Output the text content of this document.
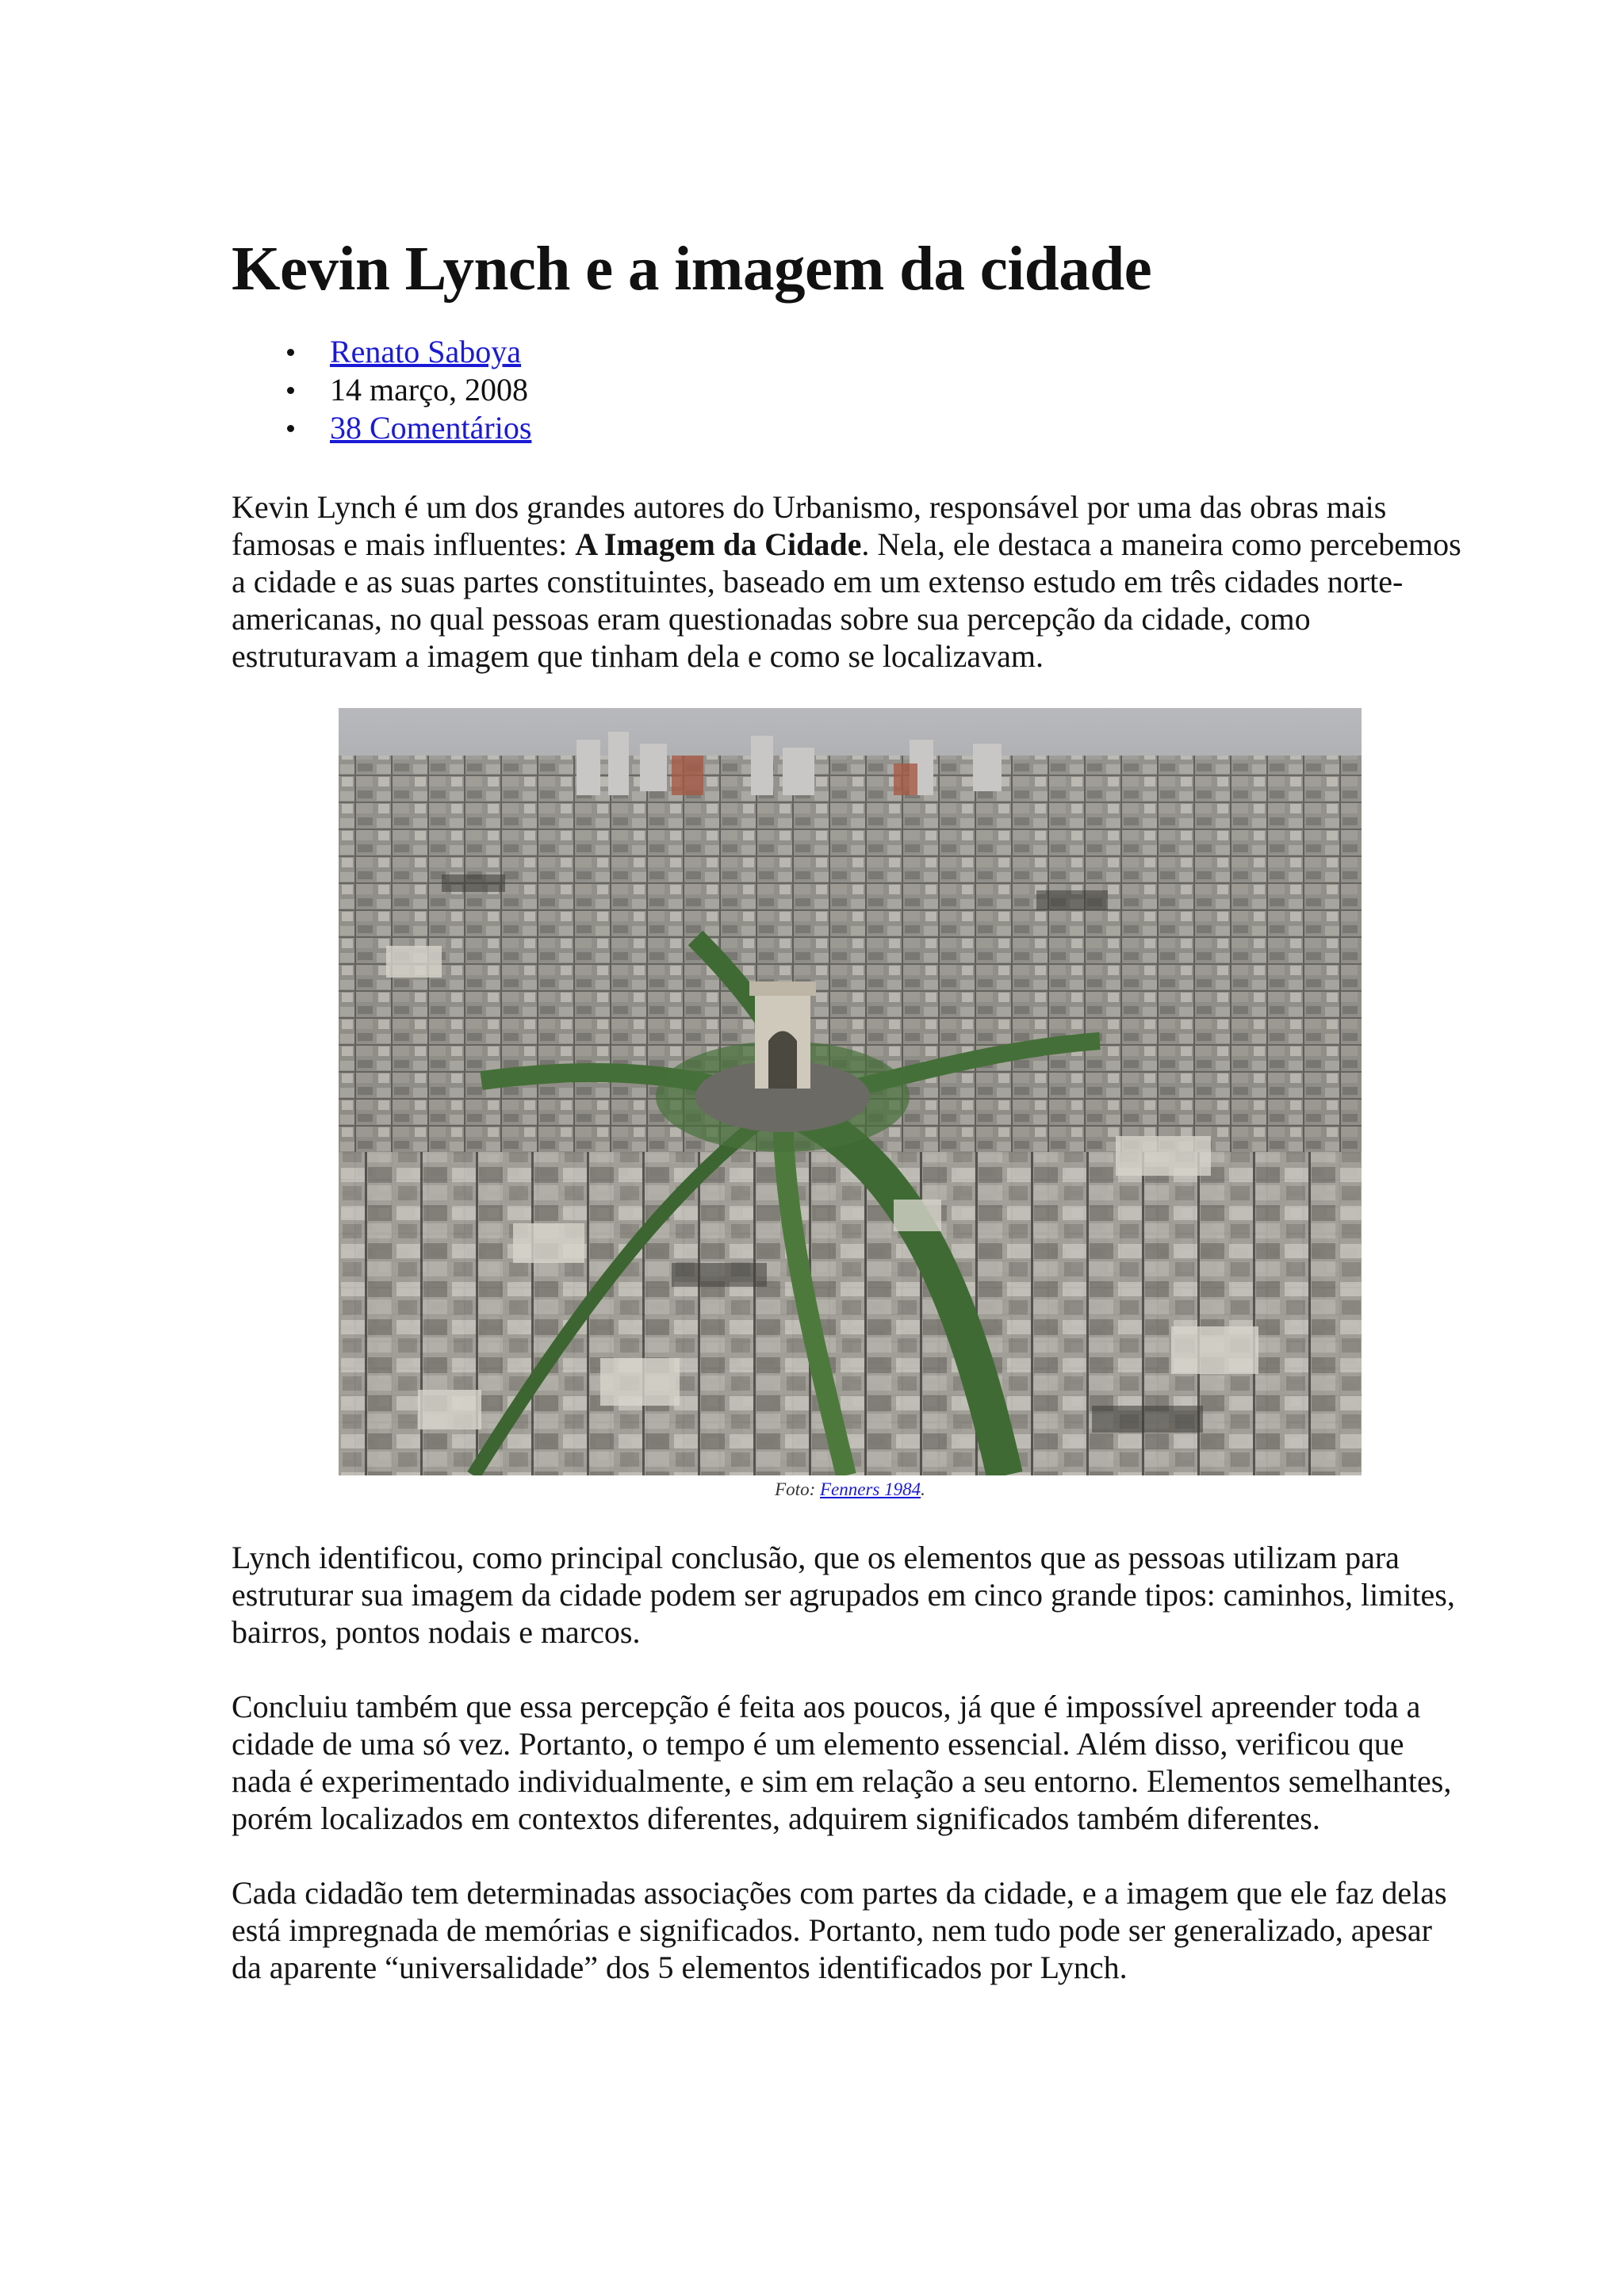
Kevin Lynch e a imagem da cidade
Renato Saboya
14 março, 2008
38 Comentários

Kevin Lynch é um dos grandes autores do Urbanismo, responsável por uma das obras mais famosas e mais influentes: A Imagem da Cidade. Nela, ele destaca a maneira como percebemos a cidade e as suas partes constituintes, baseado em um extenso estudo em três cidades norte-americanas, no qual pessoas eram questionadas sobre sua percepção da cidade, como estruturavam a imagem que tinham dela e como se localizavam.

Foto: Fenners 1984.

Lynch identificou, como principal conclusão, que os elementos que as pessoas utilizam para estruturar sua imagem da cidade podem ser agrupados em cinco grande tipos: caminhos, limites, bairros, pontos nodais e marcos.

Concluiu também que essa percepção é feita aos poucos, já que é impossível apreender toda a cidade de uma só vez. Portanto, o tempo é um elemento essencial. Além disso, verificou que nada é experimentado individualmente, e sim em relação a seu entorno. Elementos semelhantes, porém localizados em contextos diferentes, adquirem significados também diferentes.

Cada cidadão tem determinadas associações com partes da cidade, e a imagem que ele faz delas está impregnada de memórias e significados. Portanto, nem tudo pode ser generalizado, apesar da aparente “universalidade” dos 5 elementos identificados por Lynch.
